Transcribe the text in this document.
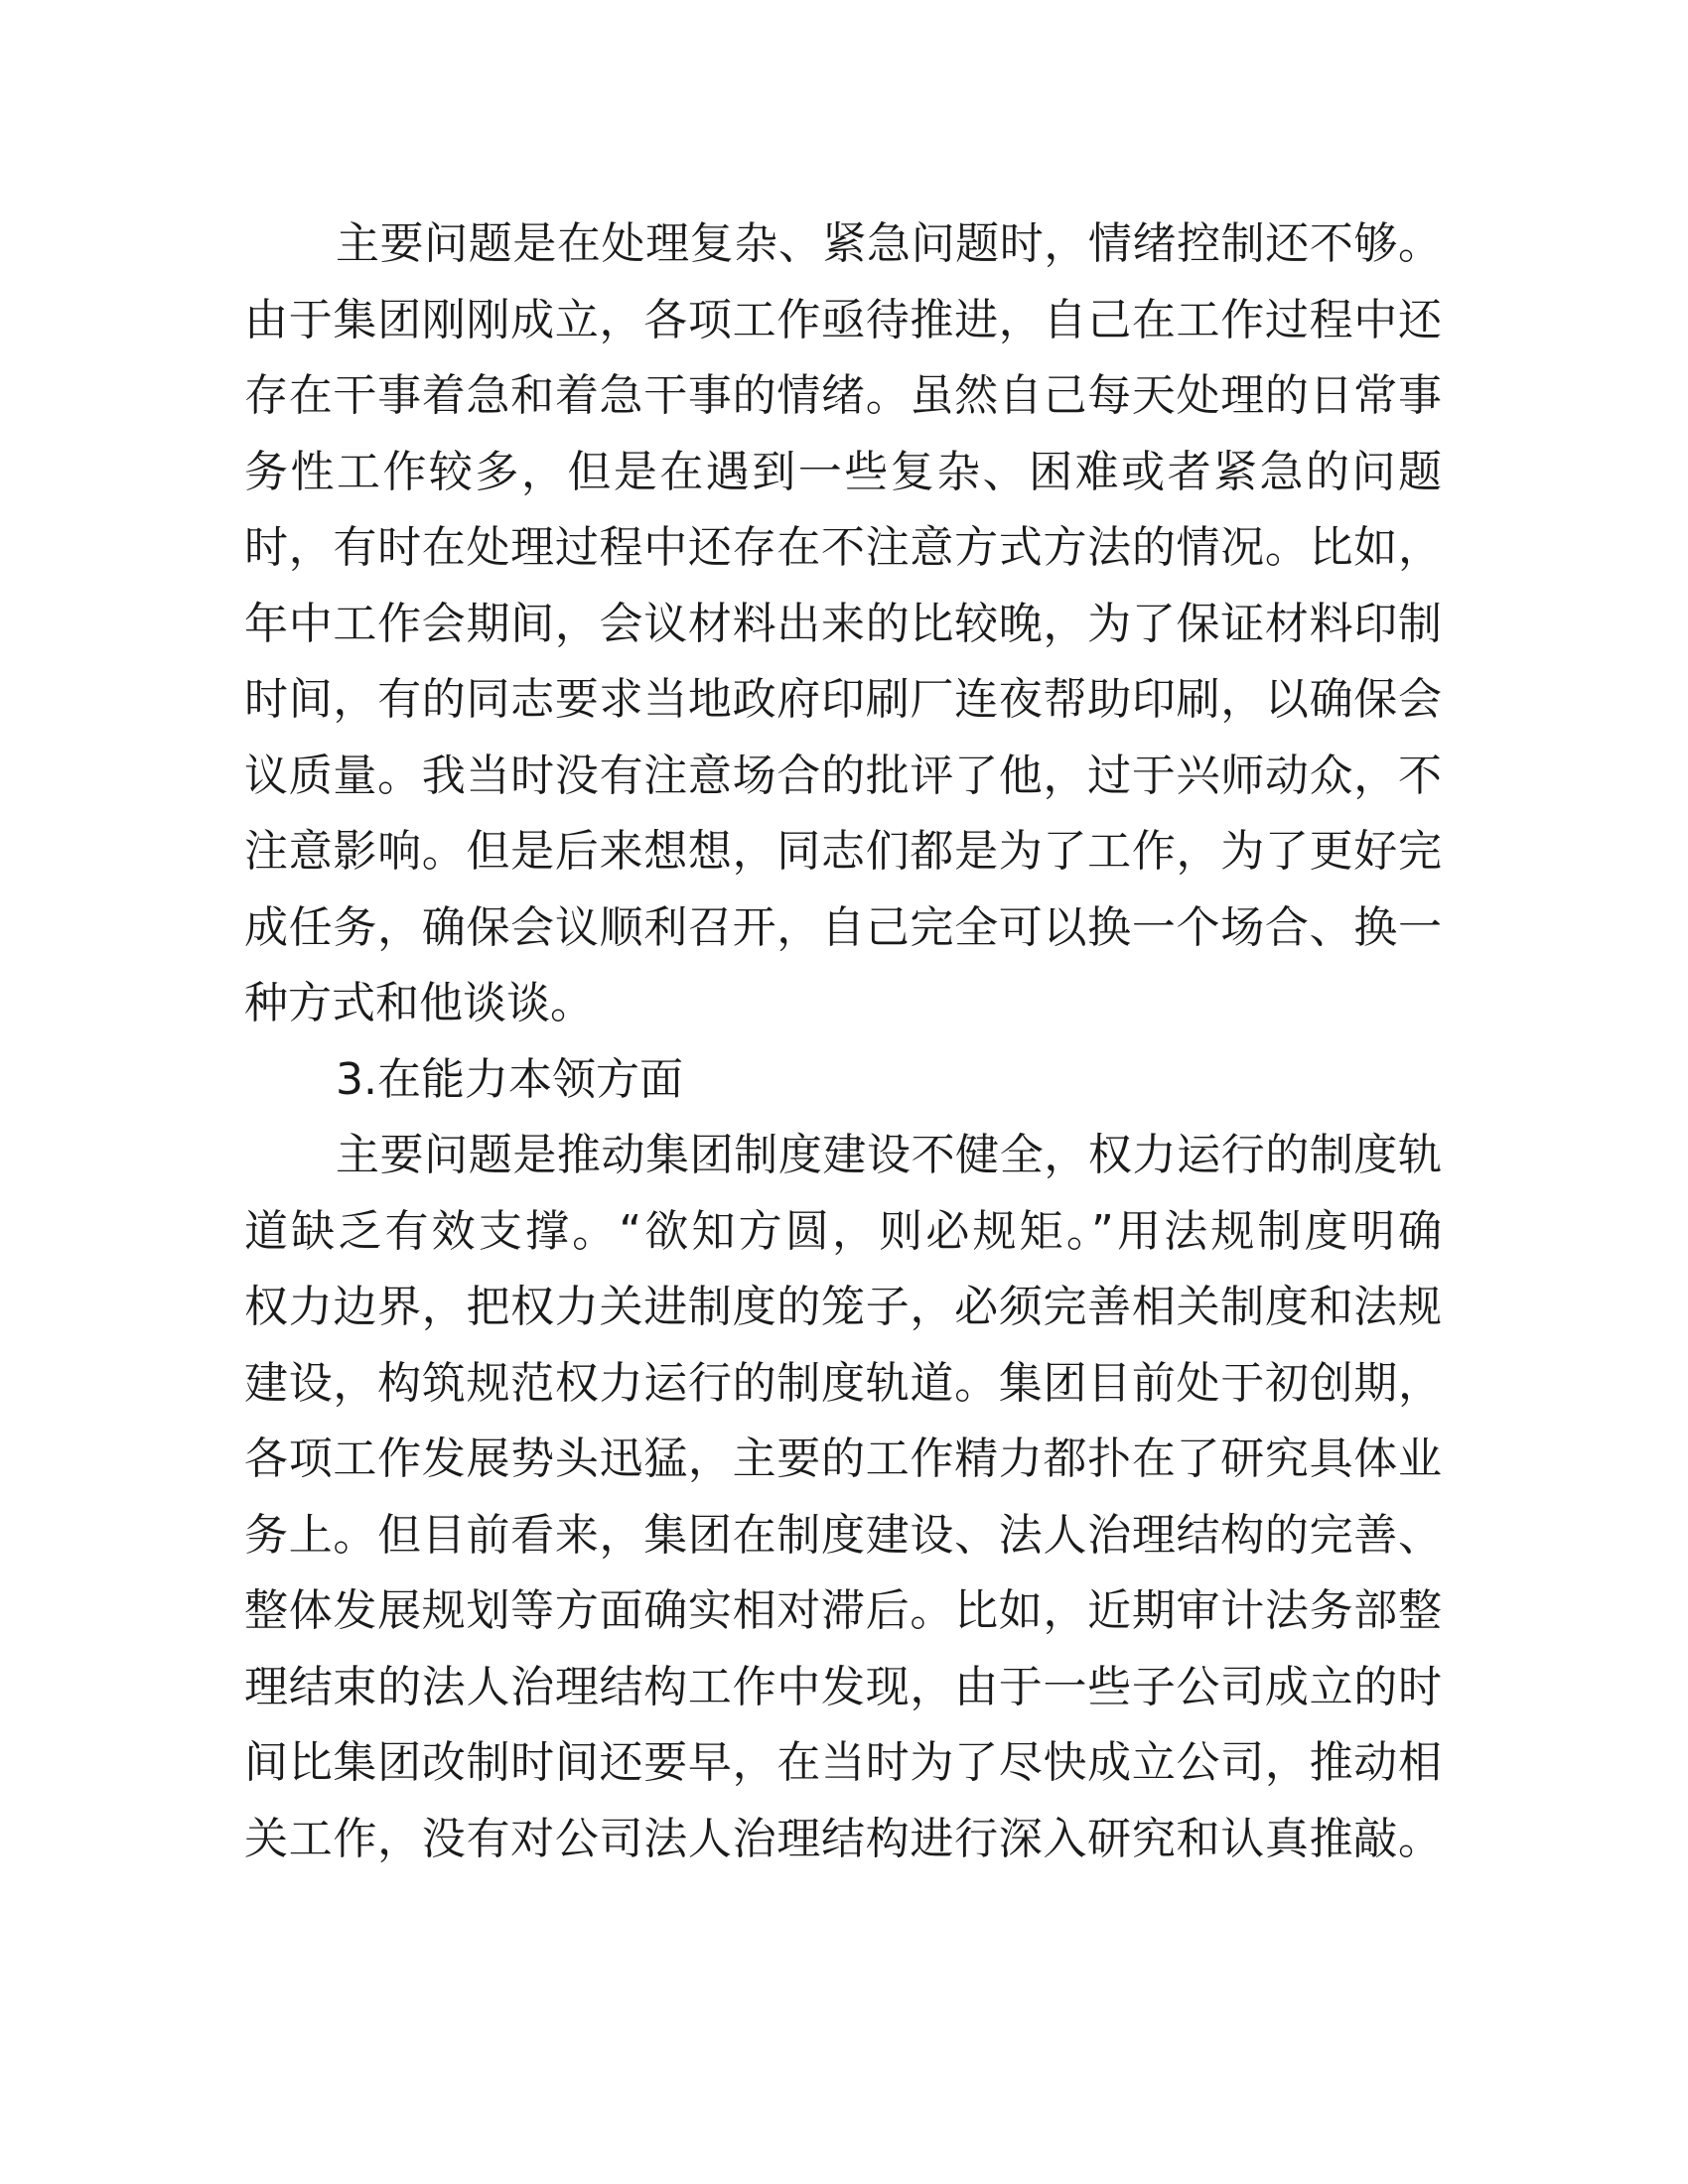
主要问题是在处理复杂、紧急问题时，情绪控制还不够。
由于集团刚刚成立，各项工作亟待推进，自己在工作过程中还
存在干事着急和着急干事的情绪。虽然自己每天处理的日常事
务性工作较多，但是在遇到一些复杂、困难或者紧急的问题
时，有时在处理过程中还存在不注意方式方法的情况。比如，
年中工作会期间，会议材料出来的比较晚，为了保证材料印制
时间，有的同志要求当地政府印刷厂连夜帮助印刷，以确保会
议质量。我当时没有注意场合的批评了他，过于兴师动众，不
注意影响。但是后来想想，同志们都是为了工作，为了更好完
成任务，确保会议顺利召开，自己完全可以换一个场合、换一
种方式和他谈谈。
3.在能力本领方面
主要问题是推动集团制度建设不健全，权力运行的制度轨
道缺乏有效支撑。“欲知方圆，则必规矩。”用法规制度明确
权力边界，把权力关进制度的笼子，必须完善相关制度和法规
建设，构筑规范权力运行的制度轨道。集团目前处于初创期，
各项工作发展势头迅猛，主要的工作精力都扑在了研究具体业
务上。但目前看来，集团在制度建设、法人治理结构的完善、
整体发展规划等方面确实相对滞后。比如，近期审计法务部整
理结束的法人治理结构工作中发现，由于一些子公司成立的时
间比集团改制时间还要早，在当时为了尽快成立公司，推动相
关工作，没有对公司法人治理结构进行深入研究和认真推敲。
